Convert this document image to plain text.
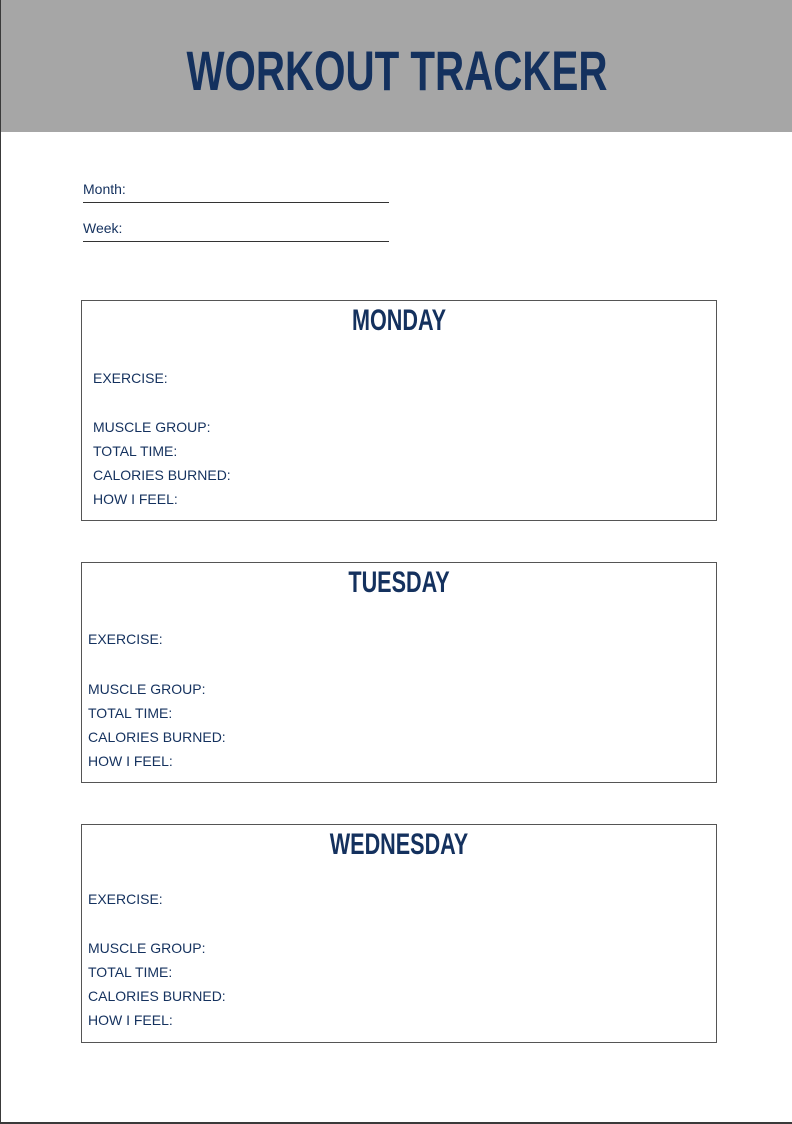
WORKOUT TRACKER
Month:
Week:
MONDAY
EXERCISE:
MUSCLE GROUP:
TOTAL TIME:
CALORIES BURNED:
HOW I FEEL:
TUESDAY
EXERCISE:
MUSCLE GROUP:
TOTAL TIME:
CALORIES BURNED:
HOW I FEEL:
WEDNESDAY
EXERCISE:
MUSCLE GROUP:
TOTAL TIME:
CALORIES BURNED:
HOW I FEEL:
